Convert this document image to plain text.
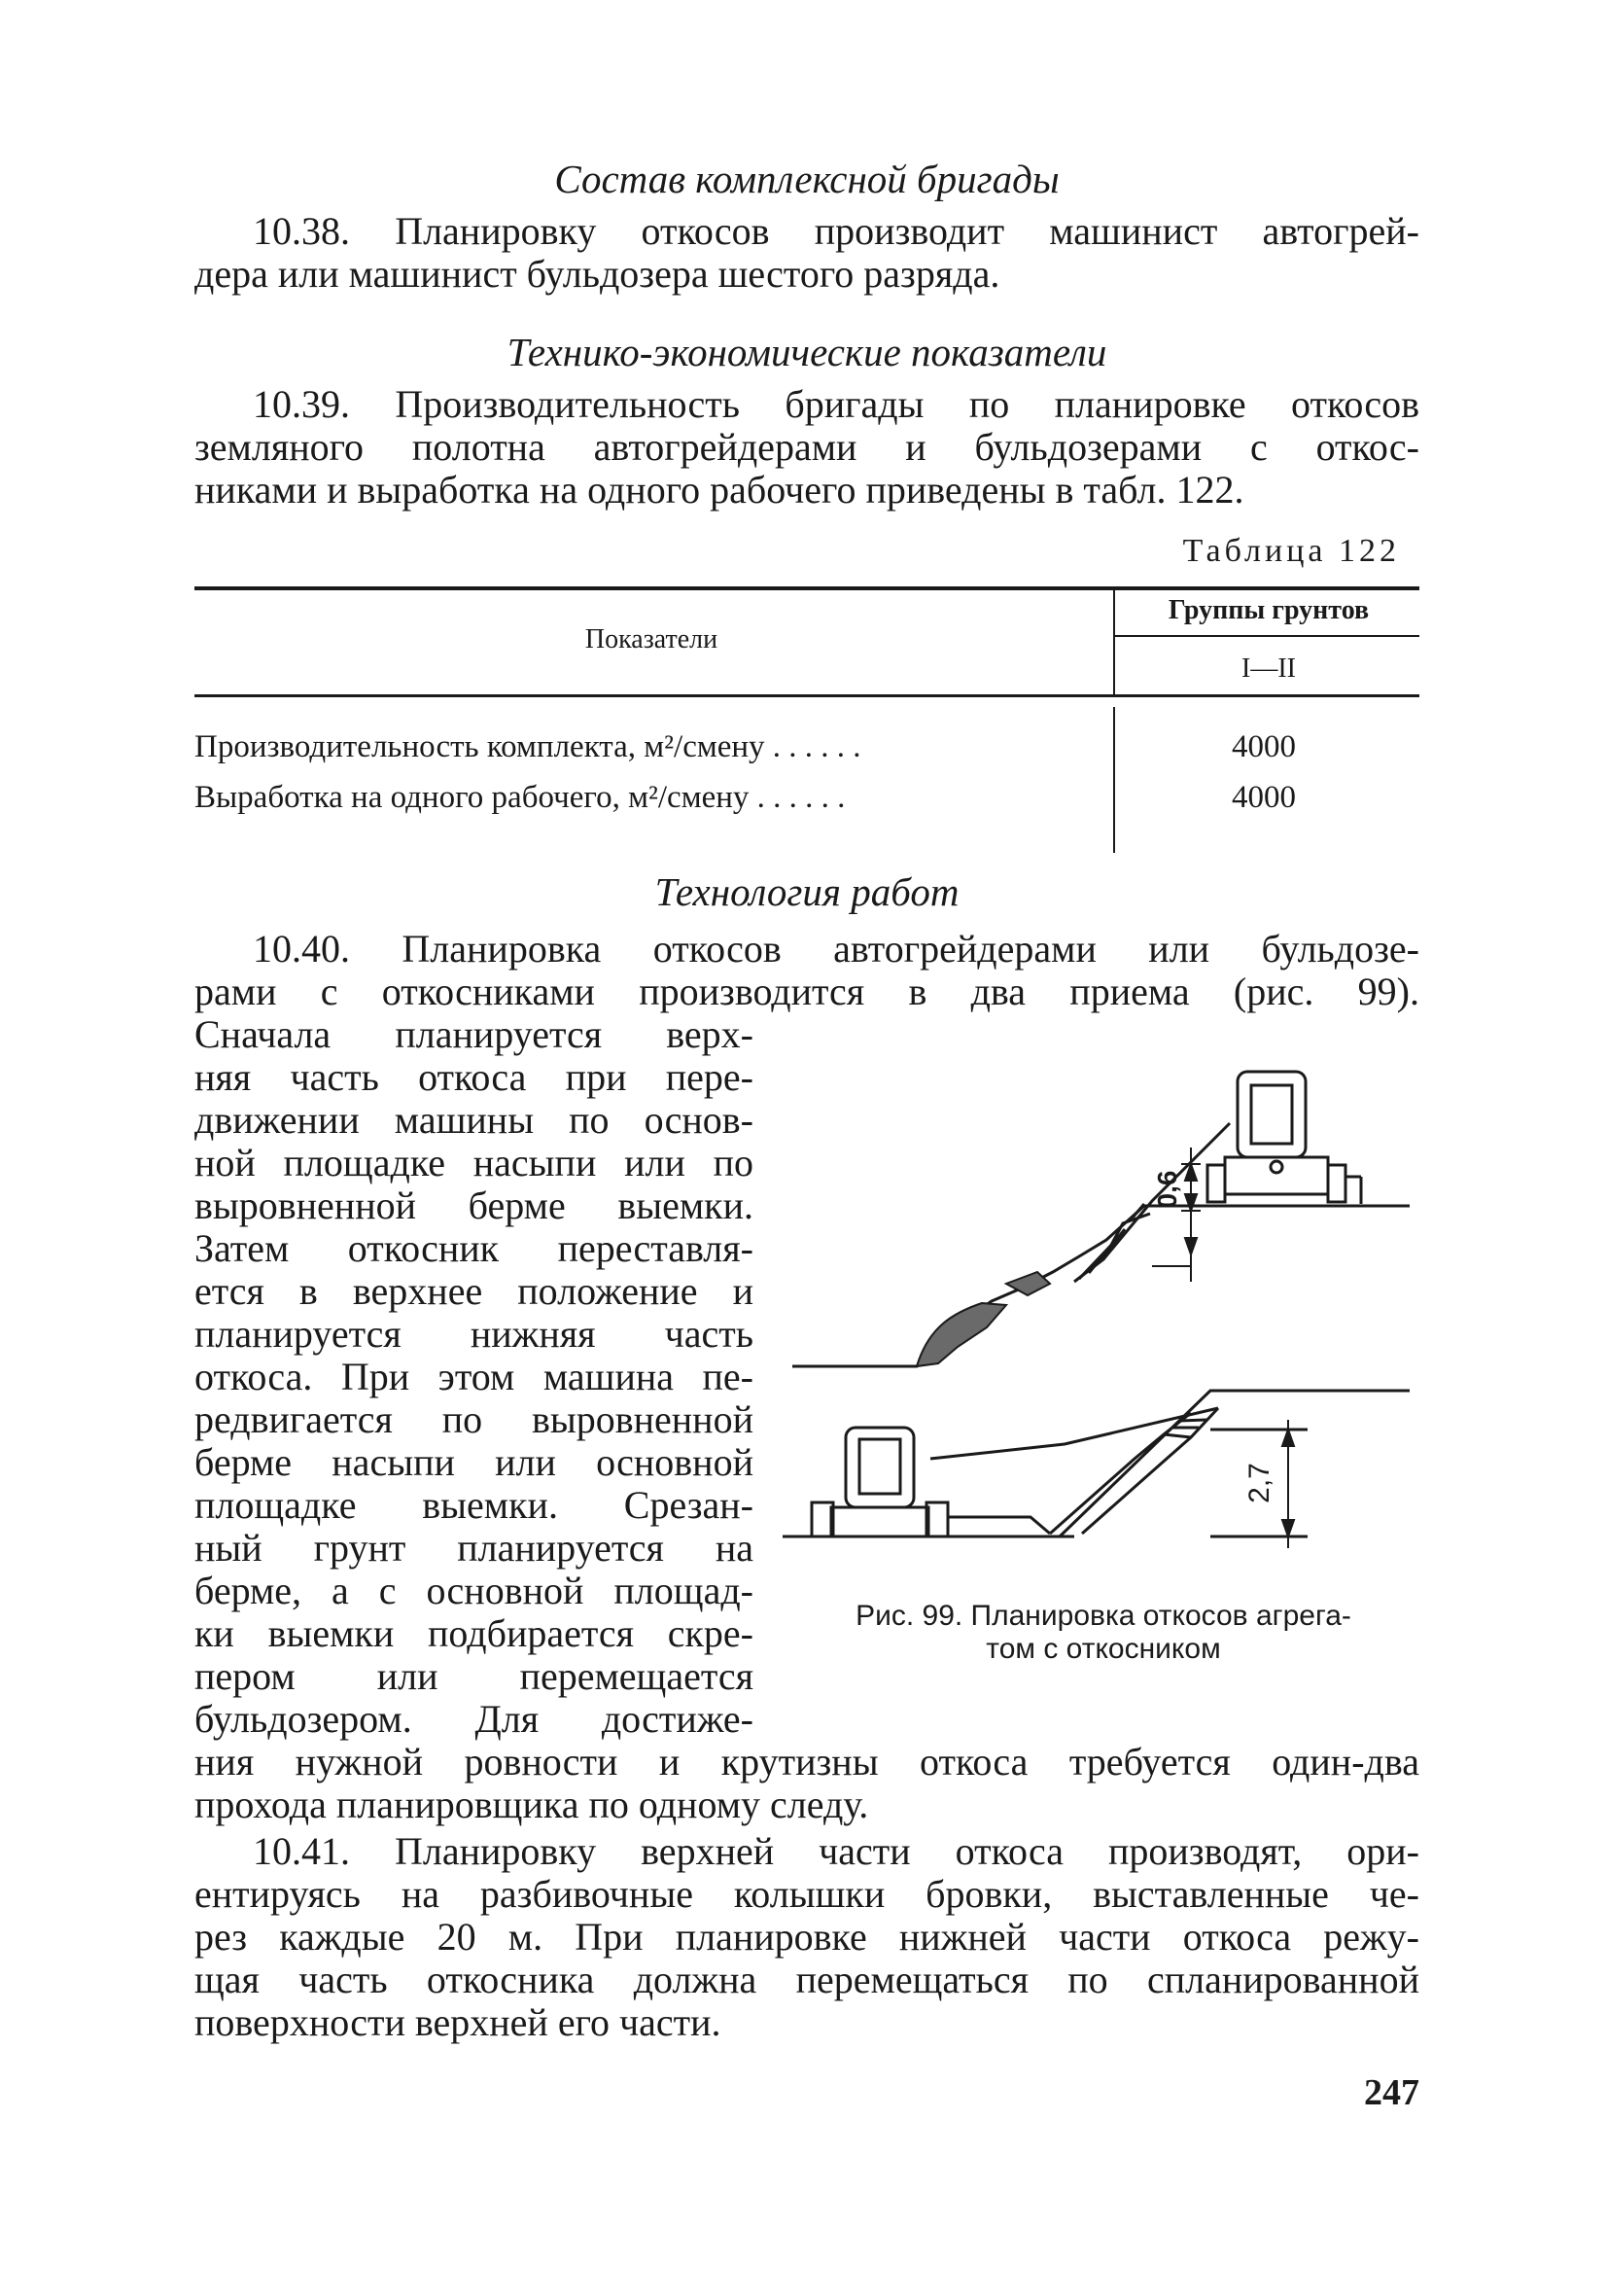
Состав комплексной бригады
10.38. Планировку откосов производит машинист автогрей-
дера или машинист бульдозера шестого разряда.
Технико-экономические показатели
10.39. Производительность бригады по планировке откосов
земляного полотна автогрейдерами и бульдозерами с откос-
никами и выработка на одного рабочего приведены в табл. 122.
Таблица 122
Показатели
Группы грунтов
I—II
Производительность комплекта, м²/смену . . . . . .	4000
Выработка на одного рабочего, м²/смену . . . . . .	4000
Технология работ
10.40. Планировка откосов автогрейдерами или бульдозе-
рами с откосниками производится в два приема (рис. 99).
Сначала планируется верх-
няя часть откоса при пере-
движении машины по основ-
ной площадке насыпи или по
выровненной берме выемки.
Затем откосник переставля-
ется в верхнее положение и
планируется нижняя часть
откоса. При этом машина пе-
редвигается по выровненной
берме насыпи или основной
площадке выемки. Срезан-
ный грунт планируется на
берме, а с основной площад-
ки выемки подбирается скре-
пером или перемещается
бульдозером. Для достиже-
ния нужной ровности и крутизны откоса требуется один-два
прохода планировщика по одному следу.
0,6
2,7
Рис. 99. Планировка откосов агрега-
том с откосником
10.41. Планировку верхней части откоса производят, ори-
ентируясь на разбивочные колышки бровки, выставленные че-
рез каждые 20 м. При планировке нижней части откоса режу-
щая часть откосника должна перемещаться по спланированной
поверхности верхней его части.
247
